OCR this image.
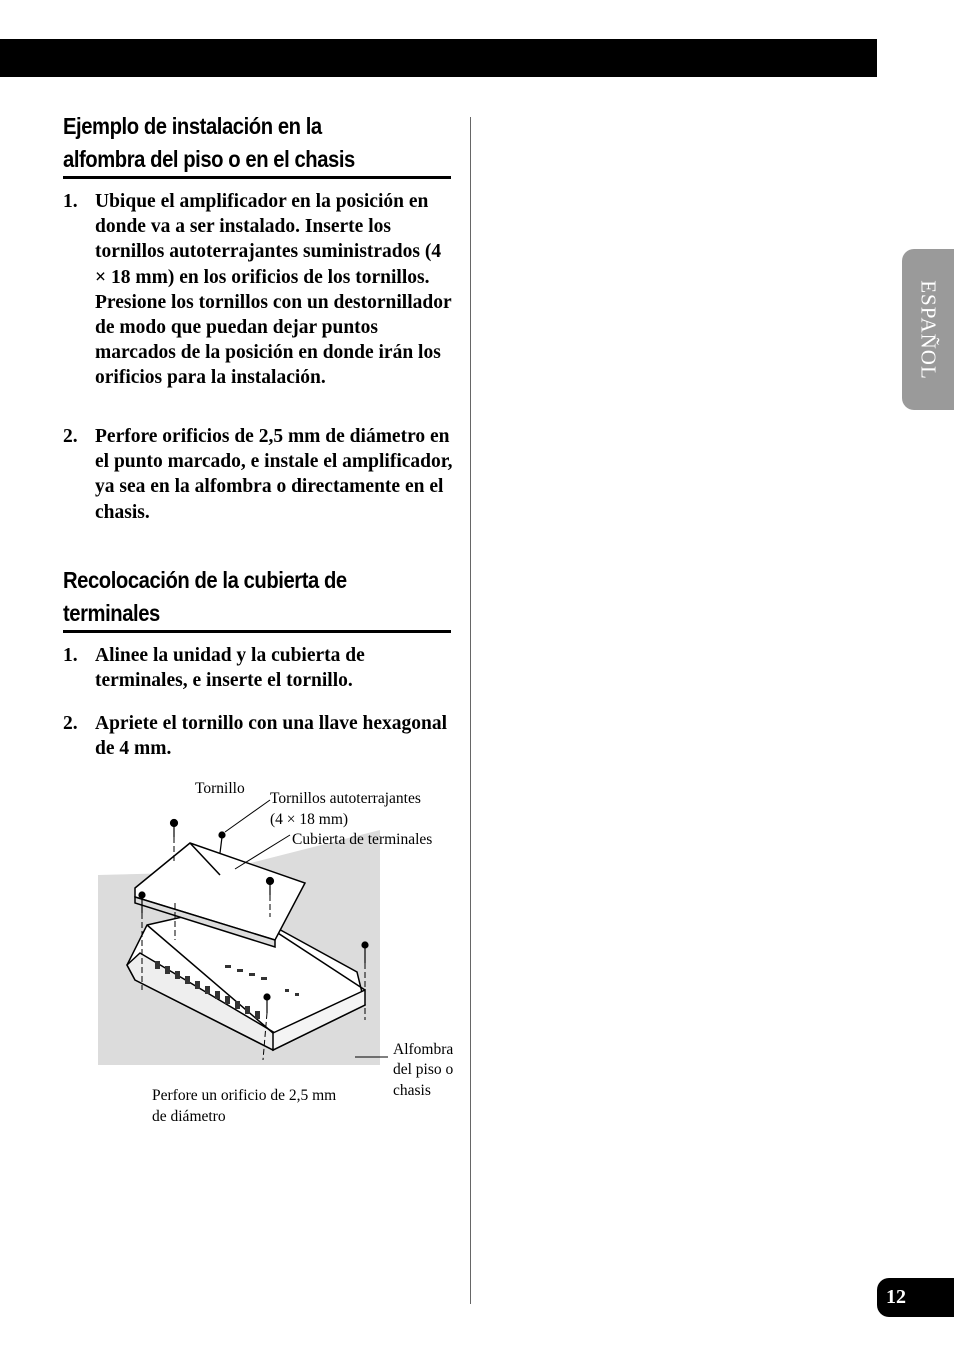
ESPAÑOL
Ejemplo de instalación en la
alfombra del piso o en el chasis
1. Ubique el amplificador en la posición en donde va a ser instalado. Inserte los tornillos autoterrajantes suministrados (4 × 18 mm) en los orificios de los tornillos. Presione los tornillos con un destornillador de modo que puedan dejar puntos marcados de la posición en donde irán los orificios para la instalación.
2. Perfore orificios de 2,5 mm de diámetro en el punto marcado, e instale el amplificador, ya sea en la alfombra o directamente en el chasis.
Recolocación de la cubierta de
terminales
1. Alinee la unidad y la cubierta de terminales, e inserte el tornillo.
2. Apriete el tornillo con una llave hexagonal de 4 mm.
Tornillo
Tornillos autoterrajantes
(4 × 18 mm)
Cubierta de terminales
Alfombra
del piso o
chasis
Perfore un orificio de 2,5 mm
de diámetro
12
